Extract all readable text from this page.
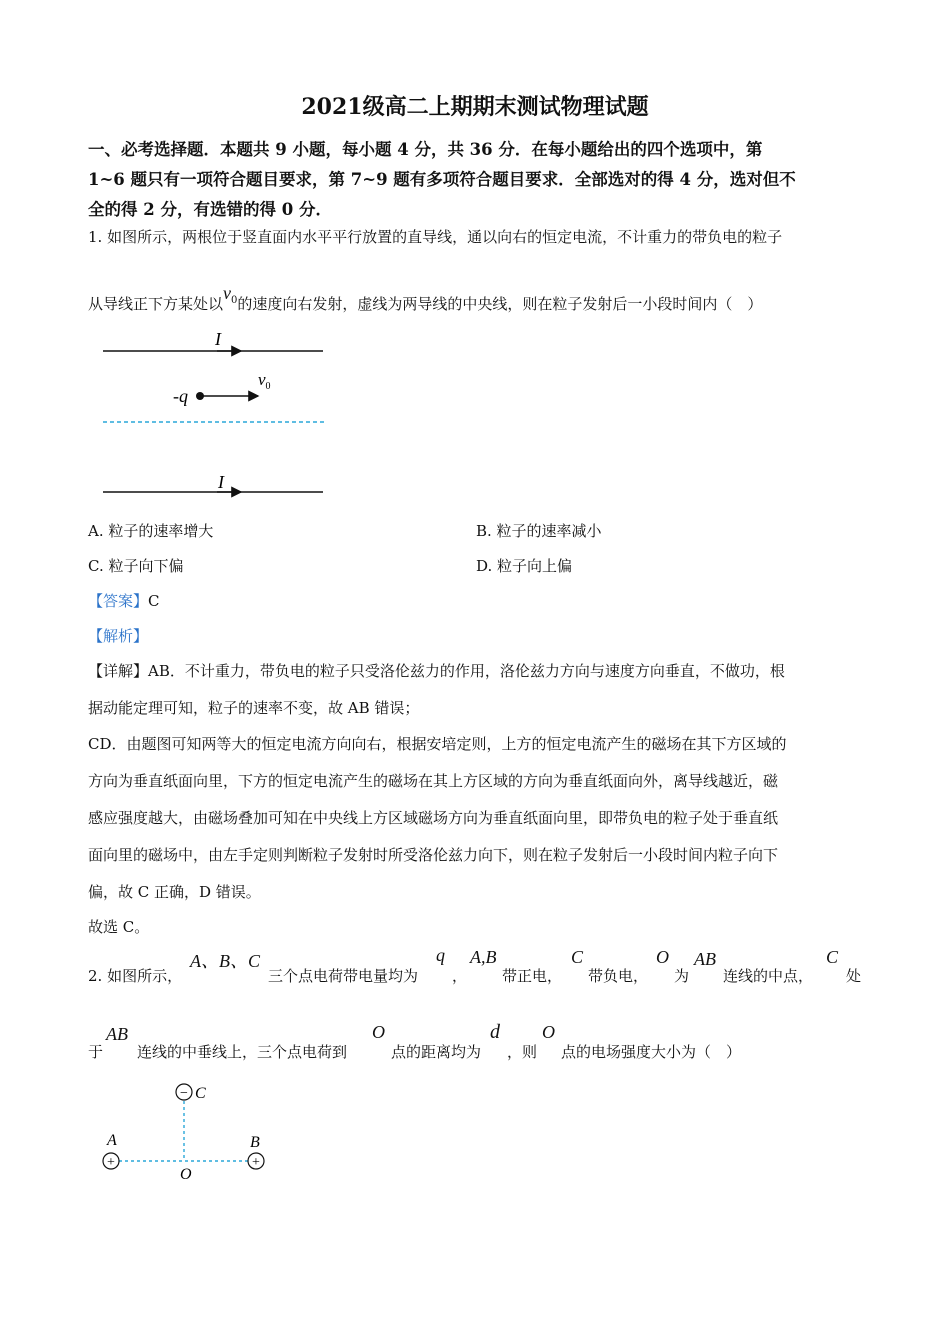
2021级高二上期期末测试物理试题
一、必考选择题．本题共 9 小题，每小题 4 分，共 36 分．在每小题给出的四个选项中，第
1~6 题只有一项符合题目要求，第 7~9 题有多项符合题目要求．全部选对的得 4 分，选对但不
全的得 2 分，有选错的得 0 分．
1. 如图所示，两根位于竖直面内水平平行放置的直导线，通以向右的恒定电流，不计重力的带负电的粒子
从导线正下方某处以$v_0$的速度向右发射，虚线为两导线的中央线，则在粒子发射后一小段时间内（　）
I
-q
$v_0$
I
A. 粒子的速率增大	B. 粒子的速率减小
C. 粒子向下偏	D. 粒子向上偏
【答案】C
【解析】
【详解】AB．不计重力，带负电的粒子只受洛伦兹力的作用，洛伦兹力方向与速度方向垂直，不做功，根
据动能定理可知，粒子的速率不变，故 AB 错误；
CD．由题图可知两等大的恒定电流方向向右，根据安培定则，上方的恒定电流产生的磁场在其下方区域的
方向为垂直纸面向里，下方的恒定电流产生的磁场在其上方区域的方向为垂直纸面向外，离导线越近，磁
感应强度越大，由磁场叠加可知在中央线上方区域磁场方向为垂直纸面向里，即带负电的粒子处于垂直纸
面向里的磁场中，由左手定则判断粒子发射时所受洛伦兹力向下，则在粒子发射后一小段时间内粒子向下
偏，故 C 正确，D 错误。
故选 C。
2. 如图所示，
A、B、C
三个点电荷带电量均为
q
，
A,B
带正电，
C
带负电，
O
为
AB
连线的中点，
C
处
于
AB
连线的中垂线上，三个点电荷到
O
点的距离均为
d
，则
O
点的电场强度大小为（　）
− C
+
A
+
B
O
